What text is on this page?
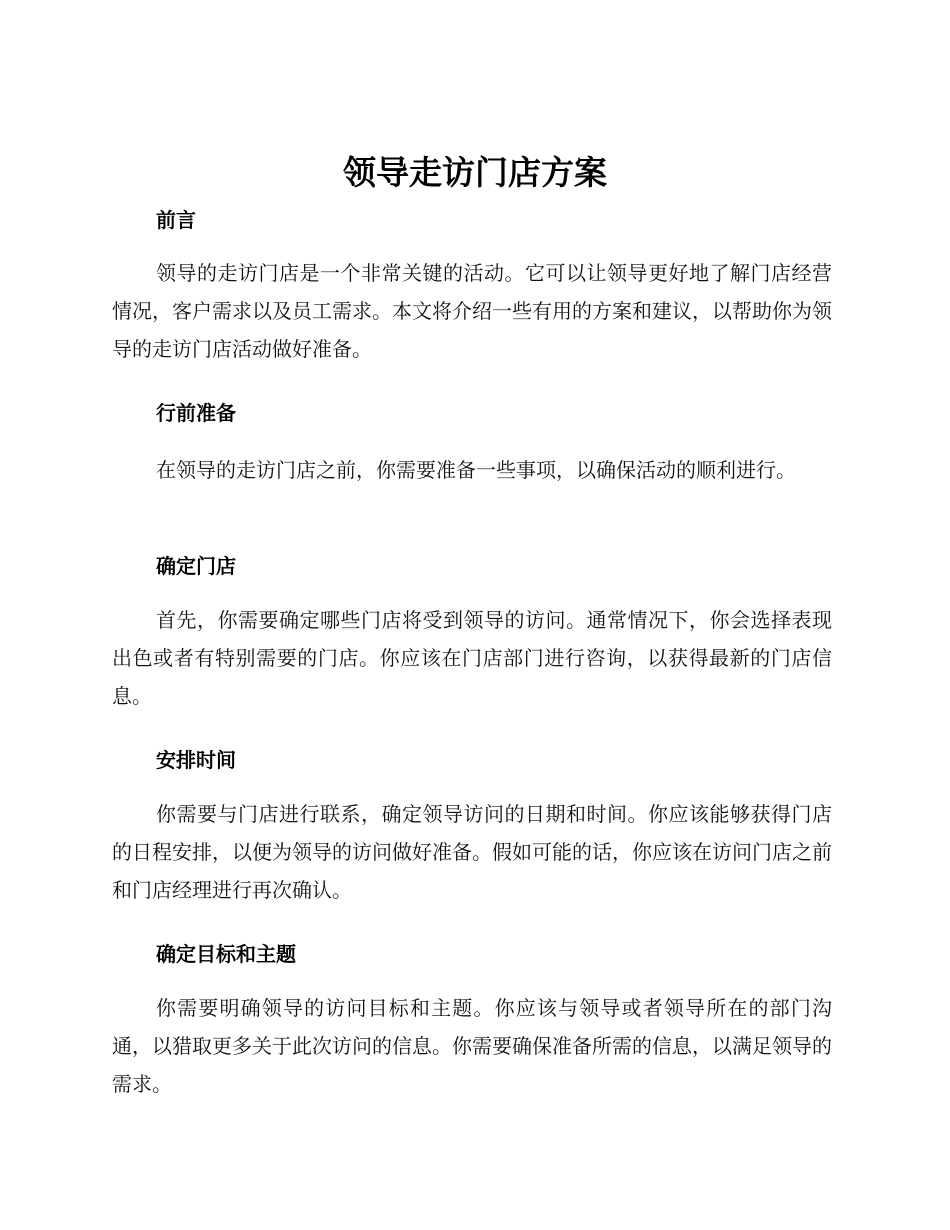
领导走访门店方案
前言
领导的走访门店是一个非常关键的活动。它可以让领导更好地了解门店经营情况，客户需求以及员工需求。本文将介绍一些有用的方案和建议，以帮助你为领导的走访门店活动做好准备。
行前准备
在领导的走访门店之前，你需要准备一些事项，以确保活动的顺利进行。
确定门店
首先，你需要确定哪些门店将受到领导的访问。通常情况下，你会选择表现出色或者有特别需要的门店。你应该在门店部门进行咨询，以获得最新的门店信息。
安排时间
你需要与门店进行联系，确定领导访问的日期和时间。你应该能够获得门店的日程安排，以便为领导的访问做好准备。假如可能的话，你应该在访问门店之前和门店经理进行再次确认。
确定目标和主题
你需要明确领导的访问目标和主题。你应该与领导或者领导所在的部门沟通，以猎取更多关于此次访问的信息。你需要确保准备所需的信息，以满足领导的需求。
